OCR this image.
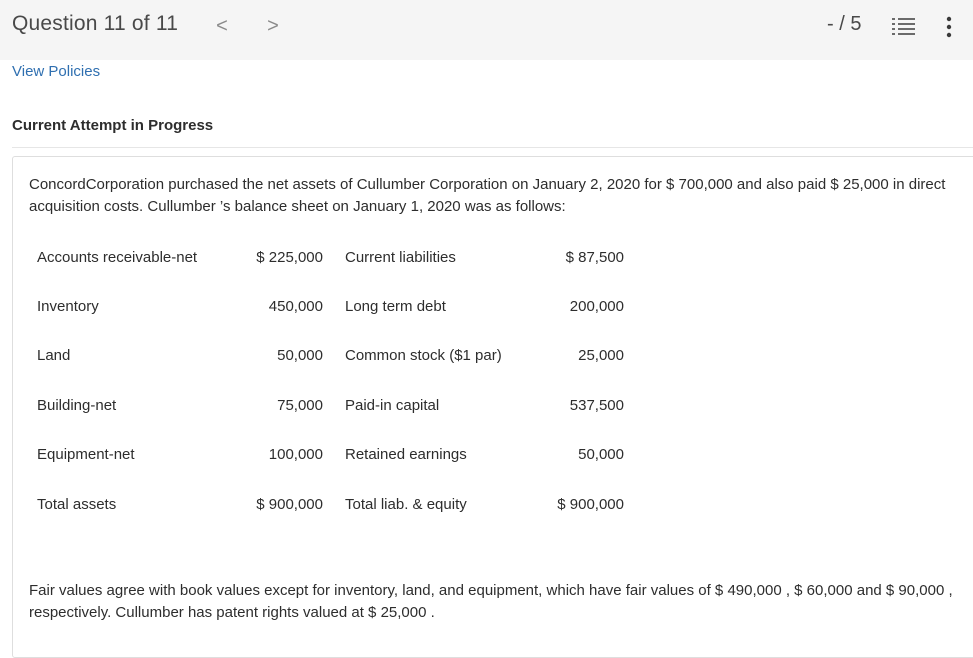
Question 11 of 11 < >	- / 5
View Policies
Current Attempt in Progress
ConcordCorporation purchased the net assets of Cullumber Corporation on January 2, 2020 for $ 700,000 and also paid $ 25,000 in direct acquisition costs. Cullumber ’s balance sheet on January 1, 2020 was as follows:
Accounts receivable-net	$ 225,000 Current liabilities	$ 87,500
Inventory	450,000 Long term debt	200,000
Land	50,000 Common stock ($1 par)	25,000
Building-net	75,000 Paid-in capital	537,500
Equipment-net	100,000 Retained earnings	50,000
Total assets	$ 900,000 Total liab. & equity	$ 900,000
Fair values agree with book values except for inventory, land, and equipment, which have fair values of $ 490,000 , $ 60,000 and $ 90,000 , respectively. Cullumber has patent rights valued at $ 25,000 .
